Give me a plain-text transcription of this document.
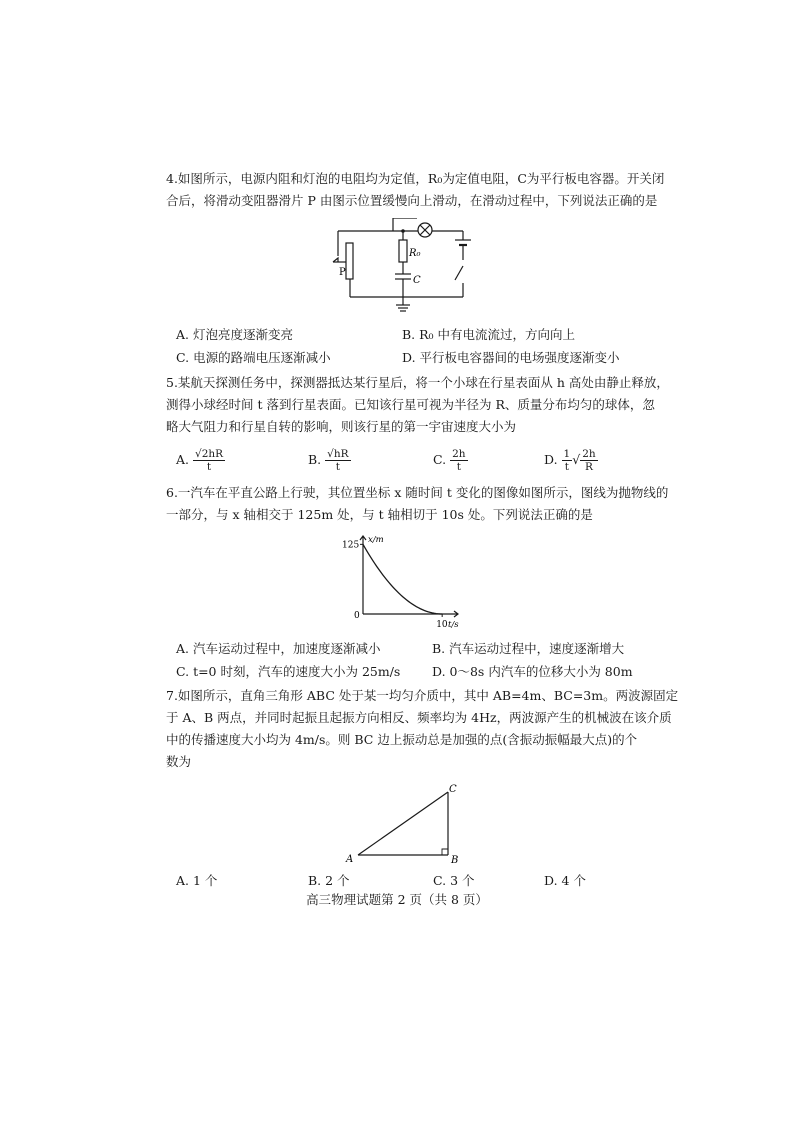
4.如图所示，电源内阻和灯泡的电阻均为定值，R₀为定值电阻，C为平行板电容器。开关闭
合后，将滑动变阻器滑片 P 由图示位置缓慢向上滑动，在滑动过程中，下列说法正确的是
R₀
C
P
A. 灯泡亮度逐渐变亮	B. R₀ 中有电流流过，方向向上
C. 电源的路端电压逐渐减小	D. 平行板电容器间的电场强度逐渐变小
5.某航天探测任务中，探测器抵达某行星后，将一个小球在行星表面从 h 高处由静止释放，
测得小球经时间 t 落到行星表面。已知该行星可视为半径为 R、质量分布均匀的球体，忽
略大气阻力和行星自转的影响，则该行星的第一宇宙速度大小为
A. $\frac{√2hR}{t}$	B. $\frac{√hR}{t}$	C. $\frac{2h}{t}$	D. $\frac{1}{t}$ √ $\frac{2h}{R}$
6.一汽车在平直公路上行驶，其位置坐标 x 随时间 t 变化的图像如图所示，图线为抛物线的
一部分，与 x 轴相交于 125m 处，与 t 轴相切于 10s 处。下列说法正确的是
x/m
t/s
125
0
10
A. 汽车运动过程中，加速度逐渐减小	B. 汽车运动过程中，速度逐渐增大
C. t=0 时刻，汽车的速度大小为 25m/s	D. 0～8s 内汽车的位移大小为 80m
7.如图所示，直角三角形 ABC 处于某一均匀介质中，其中 AB=4m、BC=3m。两波源固定
于 A、B 两点，并同时起振且起振方向相反、频率均为 4Hz，两波源产生的机械波在该介质
中的传播速度大小均为 4m/s。则 BC 边上振动总是加强的点(含振动振幅最大点)的个
数为
A	B
C
A. 1 个	B. 2 个	C. 3 个	D. 4 个
高三物理试题第 2 页（共 8 页）
